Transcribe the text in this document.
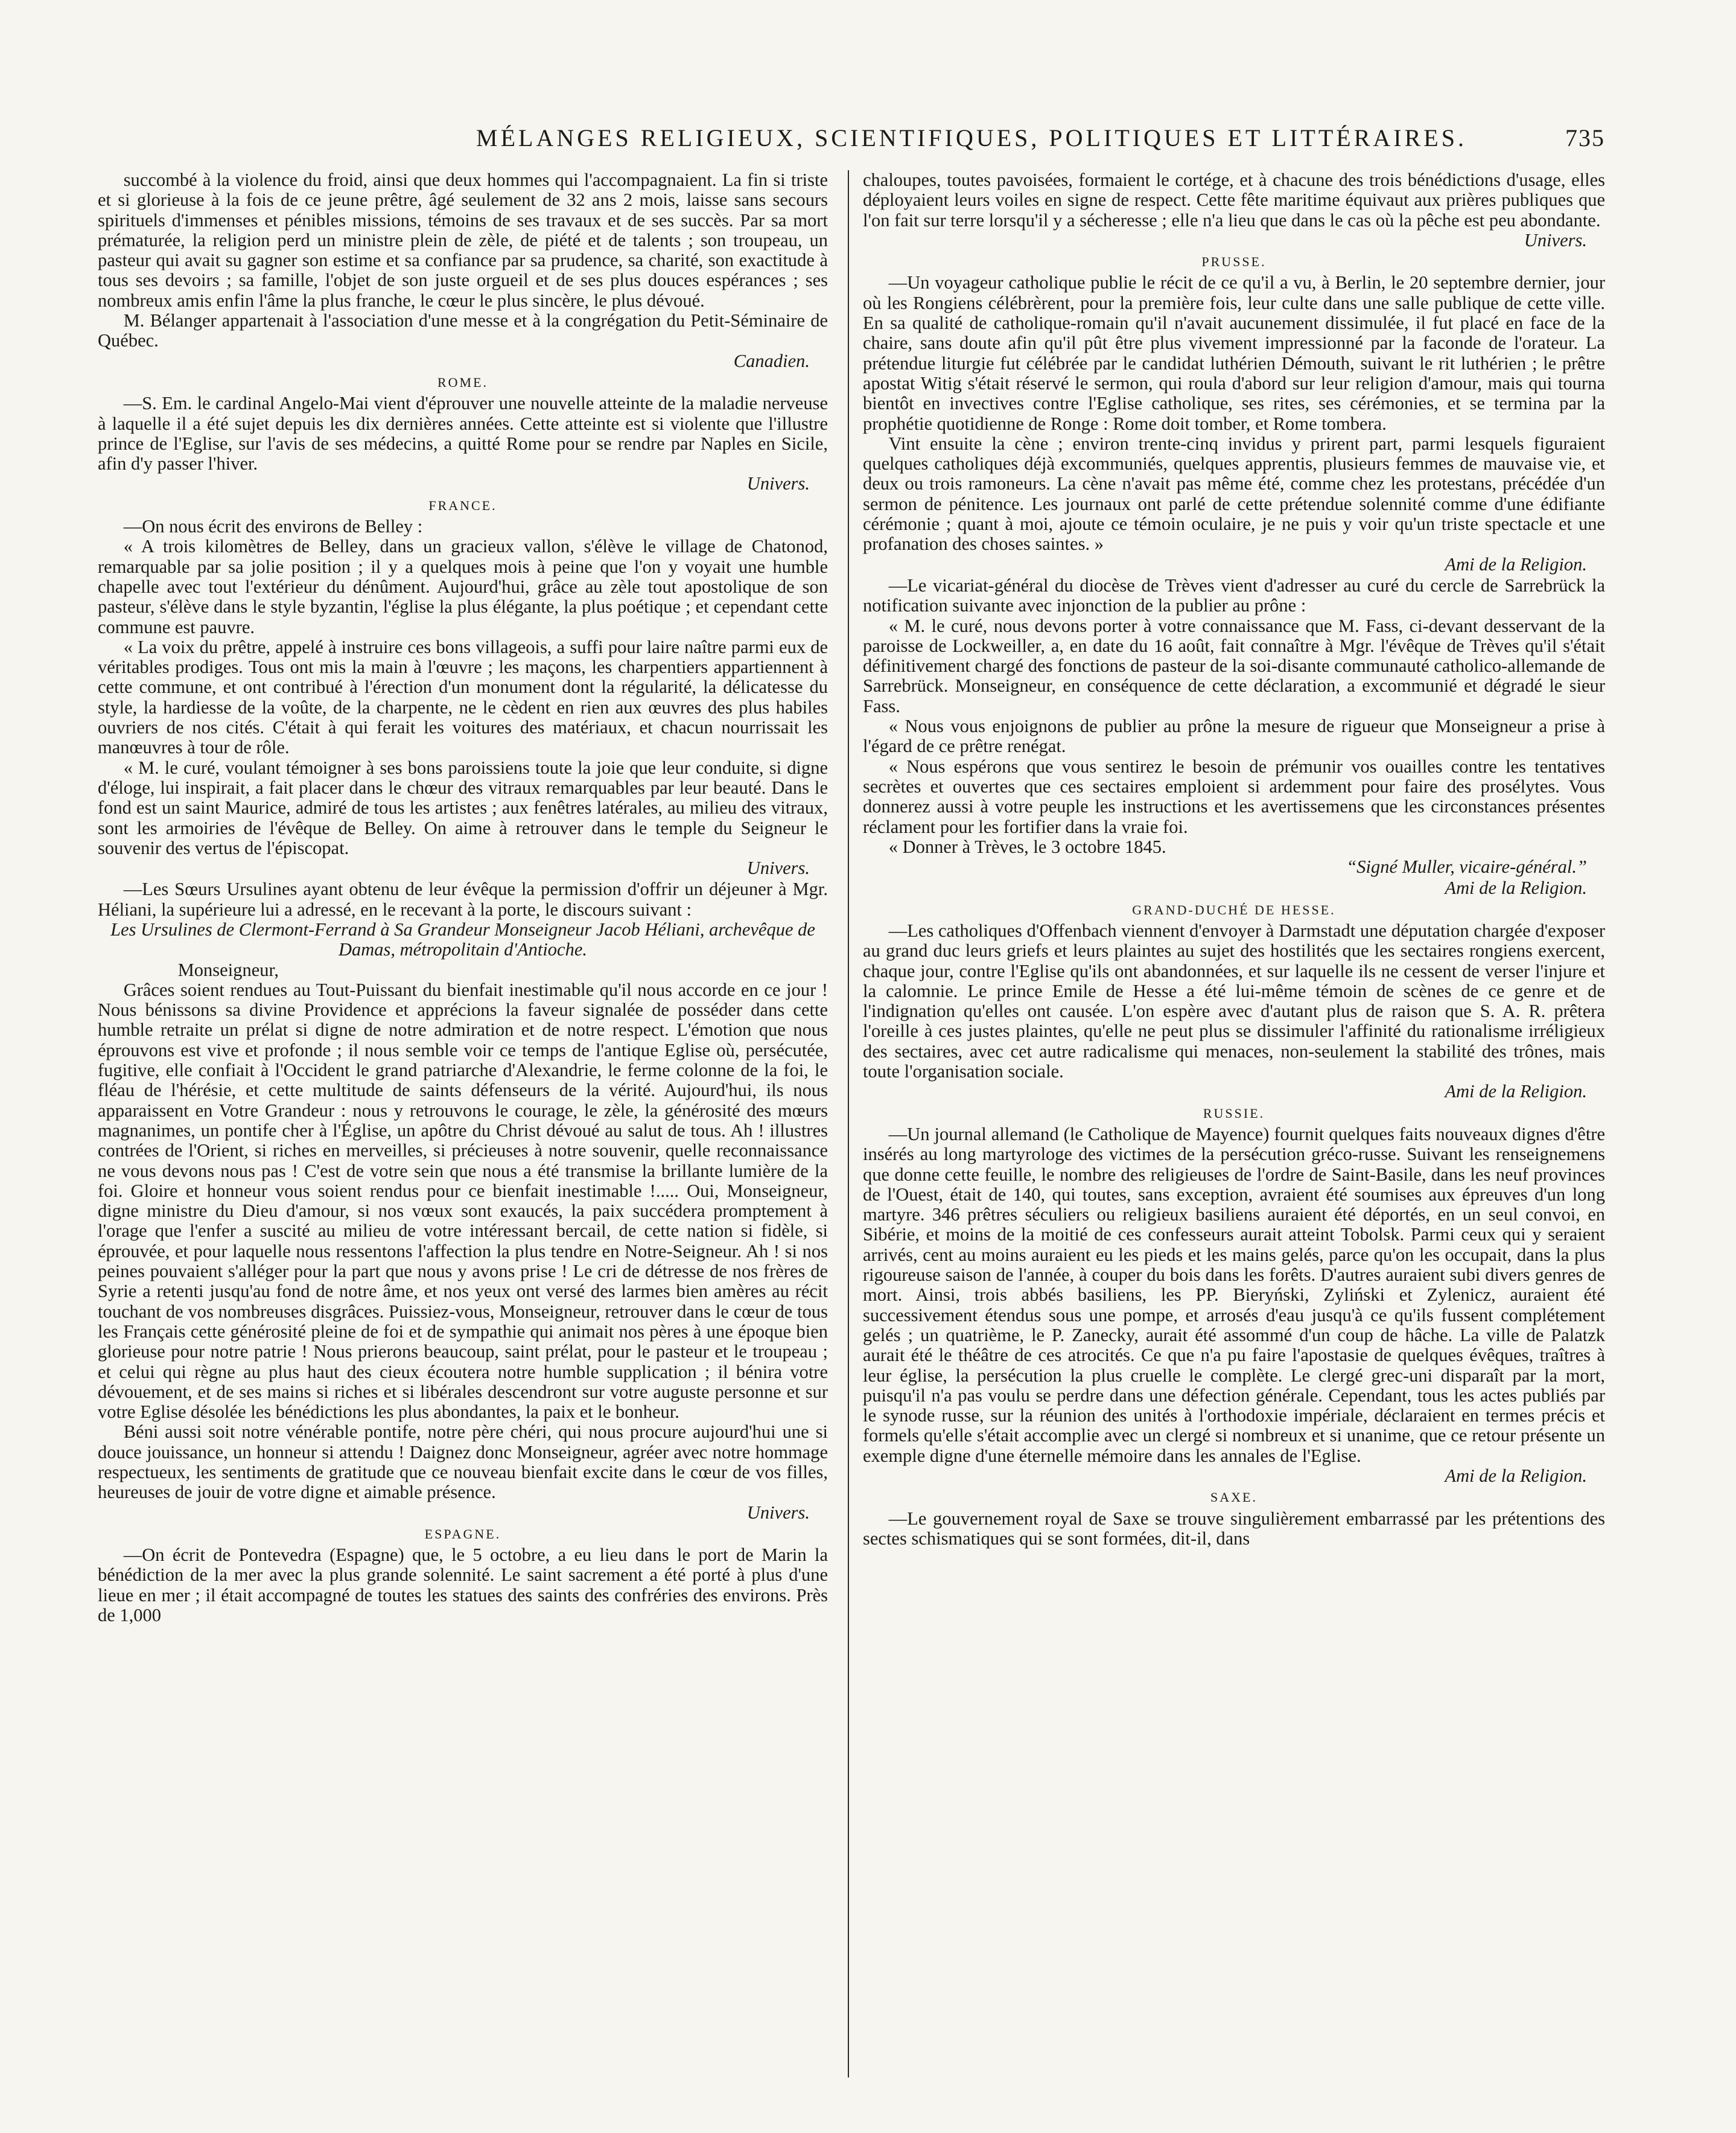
MÉLANGES RELIGIEUX, SCIENTIFIQUES, POLITIQUES ET LITTÉRAIRES.	735

succombé à la violence du froid, ainsi que deux hommes qui l'accompagnaient. La fin si triste et si glorieuse à la fois de ce jeune prêtre, âgé seulement de 32 ans 2 mois, laisse sans secours spirituels d'immenses et pénibles missions, témoins de ses travaux et de ses succès. Par sa mort prématurée, la religion perd un ministre plein de zèle, de piété et de talents ; son troupeau, un pasteur qui avait su gagner son estime et sa confiance par sa prudence, sa charité, son exactitude à tous ses devoirs ; sa famille, l'objet de son juste orgueil et de ses plus douces espérances ; ses nombreux amis enfin l'âme la plus franche, le cœur le plus sincère, le plus dévoué.

M. Bélanger appartenait à l'association d'une messe et à la congrégation du Petit-Séminaire de Québec.

Canadien.

ROME.

—S. Em. le cardinal Angelo-Mai vient d'éprouver une nouvelle atteinte de la maladie nerveuse à laquelle il a été sujet depuis les dix dernières années. Cette atteinte est si violente que l'illustre prince de l'Eglise, sur l'avis de ses médecins, a quitté Rome pour se rendre par Naples en Sicile, afin d'y passer l'hiver.

Univers.

FRANCE.

—On nous écrit des environs de Belley :

« A trois kilomètres de Belley, dans un gracieux vallon, s'élève le village de Chatonod, remarquable par sa jolie position ; il y a quelques mois à peine que l'on y voyait une humble chapelle avec tout l'extérieur du dénûment. Aujourd'hui, grâce au zèle tout apostolique de son pasteur, s'élève dans le style byzantin, l'église la plus élégante, la plus poétique ; et cependant cette commune est pauvre.

« La voix du prêtre, appelé à instruire ces bons villageois, a suffi pour laire naître parmi eux de véritables prodiges. Tous ont mis la main à l'œuvre ; les maçons, les charpentiers appartiennent à cette commune, et ont contribué à l'érection d'un monument dont la régularité, la délicatesse du style, la hardiesse de la voûte, de la charpente, ne le cèdent en rien aux œuvres des plus habiles ouvriers de nos cités. C'était à qui ferait les voitures des matériaux, et chacun nourrissait les manœuvres à tour de rôle.

« M. le curé, voulant témoigner à ses bons paroissiens toute la joie que leur conduite, si digne d'éloge, lui inspirait, a fait placer dans le chœur des vitraux remarquables par leur beauté. Dans le fond est un saint Maurice, admiré de tous les artistes ; aux fenêtres latérales, au milieu des vitraux, sont les armoiries de l'évêque de Belley. On aime à retrouver dans le temple du Seigneur le souvenir des vertus de l'épiscopat.

Univers.

—Les Sœurs Ursulines ayant obtenu de leur évêque la permission d'offrir un déjeuner à Mgr. Héliani, la supérieure lui a adressé, en le recevant à la porte, le discours suivant :

Les Ursulines de Clermont-Ferrand à Sa Grandeur Monseigneur Jacob Héliani, archevêque de Damas, métropolitain d'Antioche.

Monseigneur,

Grâces soient rendues au Tout-Puissant du bienfait inestimable qu'il nous accorde en ce jour ! Nous bénissons sa divine Providence et apprécions la faveur signalée de posséder dans cette humble retraite un prélat si digne de notre admiration et de notre respect. L'émotion que nous éprouvons est vive et profonde ; il nous semble voir ce temps de l'antique Eglise où, persécutée, fugitive, elle confiait à l'Occident le grand patriarche d'Alexandrie, le ferme colonne de la foi, le fléau de l'hérésie, et cette multitude de saints défenseurs de la vérité. Aujourd'hui, ils nous apparaissent en Votre Grandeur : nous y retrouvons le courage, le zèle, la générosité des mœurs magnanimes, un pontife cher à l'Église, un apôtre du Christ dévoué au salut de tous. Ah ! illustres contrées de l'Orient, si riches en merveilles, si précieuses à notre souvenir, quelle reconnaissance ne vous devons nous pas ! C'est de votre sein que nous a été transmise la brillante lumière de la foi. Gloire et honneur vous soient rendus pour ce bienfait inestimable !..... Oui, Monseigneur, digne ministre du Dieu d'amour, si nos vœux sont exaucés, la paix succédera promptement à l'orage que l'enfer a suscité au milieu de votre intéressant bercail, de cette nation si fidèle, si éprouvée, et pour laquelle nous ressentons l'affection la plus tendre en Notre-Seigneur. Ah ! si nos peines pouvaient s'alléger pour la part que nous y avons prise ! Le cri de détresse de nos frères de Syrie a retenti jusqu'au fond de notre âme, et nos yeux ont versé des larmes bien amères au récit touchant de vos nombreuses disgrâces. Puissiez-vous, Monseigneur, retrouver dans le cœur de tous les Français cette générosité pleine de foi et de sympathie qui animait nos pères à une époque bien glorieuse pour notre patrie ! Nous prierons beaucoup, saint prélat, pour le pasteur et le troupeau ; et celui qui règne au plus haut des cieux écoutera notre humble supplication ; il bénira votre dévouement, et de ses mains si riches et si libérales descendront sur votre auguste personne et sur votre Eglise désolée les bénédictions les plus abondantes, la paix et le bonheur.

Béni aussi soit notre vénérable pontife, notre père chéri, qui nous procure aujourd'hui une si douce jouissance, un honneur si attendu ! Daignez donc Monseigneur, agréer avec notre hommage respectueux, les sentiments de gratitude que ce nouveau bienfait excite dans le cœur de vos filles, heureuses de jouir de votre digne et aimable présence.

Univers.

ESPAGNE.

—On écrit de Pontevedra (Espagne) que, le 5 octobre, a eu lieu dans le port de Marin la bénédiction de la mer avec la plus grande solennité. Le saint sacrement a été porté à plus d'une lieue en mer ; il était accompagné de toutes les statues des saints des confréries des environs. Près de 1,000

chaloupes, toutes pavoisées, formaient le cortége, et à chacune des trois bénédictions d'usage, elles déployaient leurs voiles en signe de respect. Cette fête maritime équivaut aux prières publiques que l'on fait sur terre lorsqu'il y a sécheresse ; elle n'a lieu que dans le cas où la pêche est peu abondante.

Univers.

PRUSSE.

—Un voyageur catholique publie le récit de ce qu'il a vu, à Berlin, le 20 septembre dernier, jour où les Rongiens célébrèrent, pour la première fois, leur culte dans une salle publique de cette ville. En sa qualité de catholique-romain qu'il n'avait aucunement dissimulée, il fut placé en face de la chaire, sans doute afin qu'il pût être plus vivement impressionné par la faconde de l'orateur. La prétendue liturgie fut célébrée par le candidat luthérien Démouth, suivant le rit luthérien ; le prêtre apostat Witig s'était réservé le sermon, qui roula d'abord sur leur religion d'amour, mais qui tourna bientôt en invectives contre l'Eglise catholique, ses rites, ses cérémonies, et se termina par la prophétie quotidienne de Ronge : Rome doit tomber, et Rome tombera.

Vint ensuite la cène ; environ trente-cinq invidus y prirent part, parmi lesquels figuraient quelques catholiques déjà excommuniés, quelques apprentis, plusieurs femmes de mauvaise vie, et deux ou trois ramoneurs. La cène n'avait pas même été, comme chez les protestans, précédée d'un sermon de pénitence. Les journaux ont parlé de cette prétendue solennité comme d'une édifiante cérémonie ; quant à moi, ajoute ce témoin oculaire, je ne puis y voir qu'un triste spectacle et une profanation des choses saintes. »

Ami de la Religion.

—Le vicariat-général du diocèse de Trèves vient d'adresser au curé du cercle de Sarrebrück la notification suivante avec injonction de la publier au prône :

« M. le curé, nous devons porter à votre connaissance que M. Fass, ci-devant desservant de la paroisse de Lockweiller, a, en date du 16 août, fait connaître à Mgr. l'évêque de Trèves qu'il s'était définitivement chargé des fonctions de pasteur de la soi-disante communauté catholico-allemande de Sarrebrück. Monseigneur, en conséquence de cette déclaration, a excommunié et dégradé le sieur Fass.

« Nous vous enjoignons de publier au prône la mesure de rigueur que Monseigneur a prise à l'égard de ce prêtre renégat.

« Nous espérons que vous sentirez le besoin de prémunir vos ouailles contre les tentatives secrètes et ouvertes que ces sectaires emploient si ardemment pour faire des prosélytes. Vous donnerez aussi à votre peuple les instructions et les avertissemens que les circonstances présentes réclament pour les fortifier dans la vraie foi.

« Donner à Trèves, le 3 octobre 1845.

“Signé Muller, vicaire-général.”

Ami de la Religion.

GRAND-DUCHÉ DE HESSE.

—Les catholiques d'Offenbach viennent d'envoyer à Darmstadt une députation chargée d'exposer au grand duc leurs griefs et leurs plaintes au sujet des hostilités que les sectaires rongiens exercent, chaque jour, contre l'Eglise qu'ils ont abandonnées, et sur laquelle ils ne cessent de verser l'injure et la calomnie. Le prince Emile de Hesse a été lui-même témoin de scènes de ce genre et de l'indignation qu'elles ont causée. L'on espère avec d'autant plus de raison que S. A. R. prêtera l'oreille à ces justes plaintes, qu'elle ne peut plus se dissimuler l'affinité du rationalisme irréligieux des sectaires, avec cet autre radicalisme qui menaces, non-seulement la stabilité des trônes, mais toute l'organisation sociale.

Ami de la Religion.

RUSSIE.

—Un journal allemand (le Catholique de Mayence) fournit quelques faits nouveaux dignes d'être insérés au long martyrologe des victimes de la persécution gréco-russe. Suivant les renseignemens que donne cette feuille, le nombre des religieuses de l'ordre de Saint-Basile, dans les neuf provinces de l'Ouest, était de 140, qui toutes, sans exception, avraient été soumises aux épreuves d'un long martyre. 346 prêtres séculiers ou religieux basiliens auraient été déportés, en un seul convoi, en Sibérie, et moins de la moitié de ces confesseurs aurait atteint Tobolsk. Parmi ceux qui y seraient arrivés, cent au moins auraient eu les pieds et les mains gelés, parce qu'on les occupait, dans la plus rigoureuse saison de l'année, à couper du bois dans les forêts. D'autres auraient subi divers genres de mort. Ainsi, trois abbés basiliens, les PP. Bieryński, Zyliński et Zylenicz, auraient été successivement étendus sous une pompe, et arrosés d'eau jusqu'à ce qu'ils fussent complétement gelés ; un quatrième, le P. Zanecky, aurait été assommé d'un coup de hâche. La ville de Palatzk aurait été le théâtre de ces atrocités. Ce que n'a pu faire l'apostasie de quelques évêques, traîtres à leur église, la persécution la plus cruelle le complète. Le clergé grec-uni disparaît par la mort, puisqu'il n'a pas voulu se perdre dans une défection générale. Cependant, tous les actes publiés par le synode russe, sur la réunion des unités à l'orthodoxie impériale, déclaraient en termes précis et formels qu'elle s'était accomplie avec un clergé si nombreux et si unanime, que ce retour présente un exemple digne d'une éternelle mémoire dans les annales de l'Eglise.

Ami de la Religion.

SAXE.

—Le gouvernement royal de Saxe se trouve singulièrement embarrassé par les prétentions des sectes schismatiques qui se sont formées, dit-il, dans
